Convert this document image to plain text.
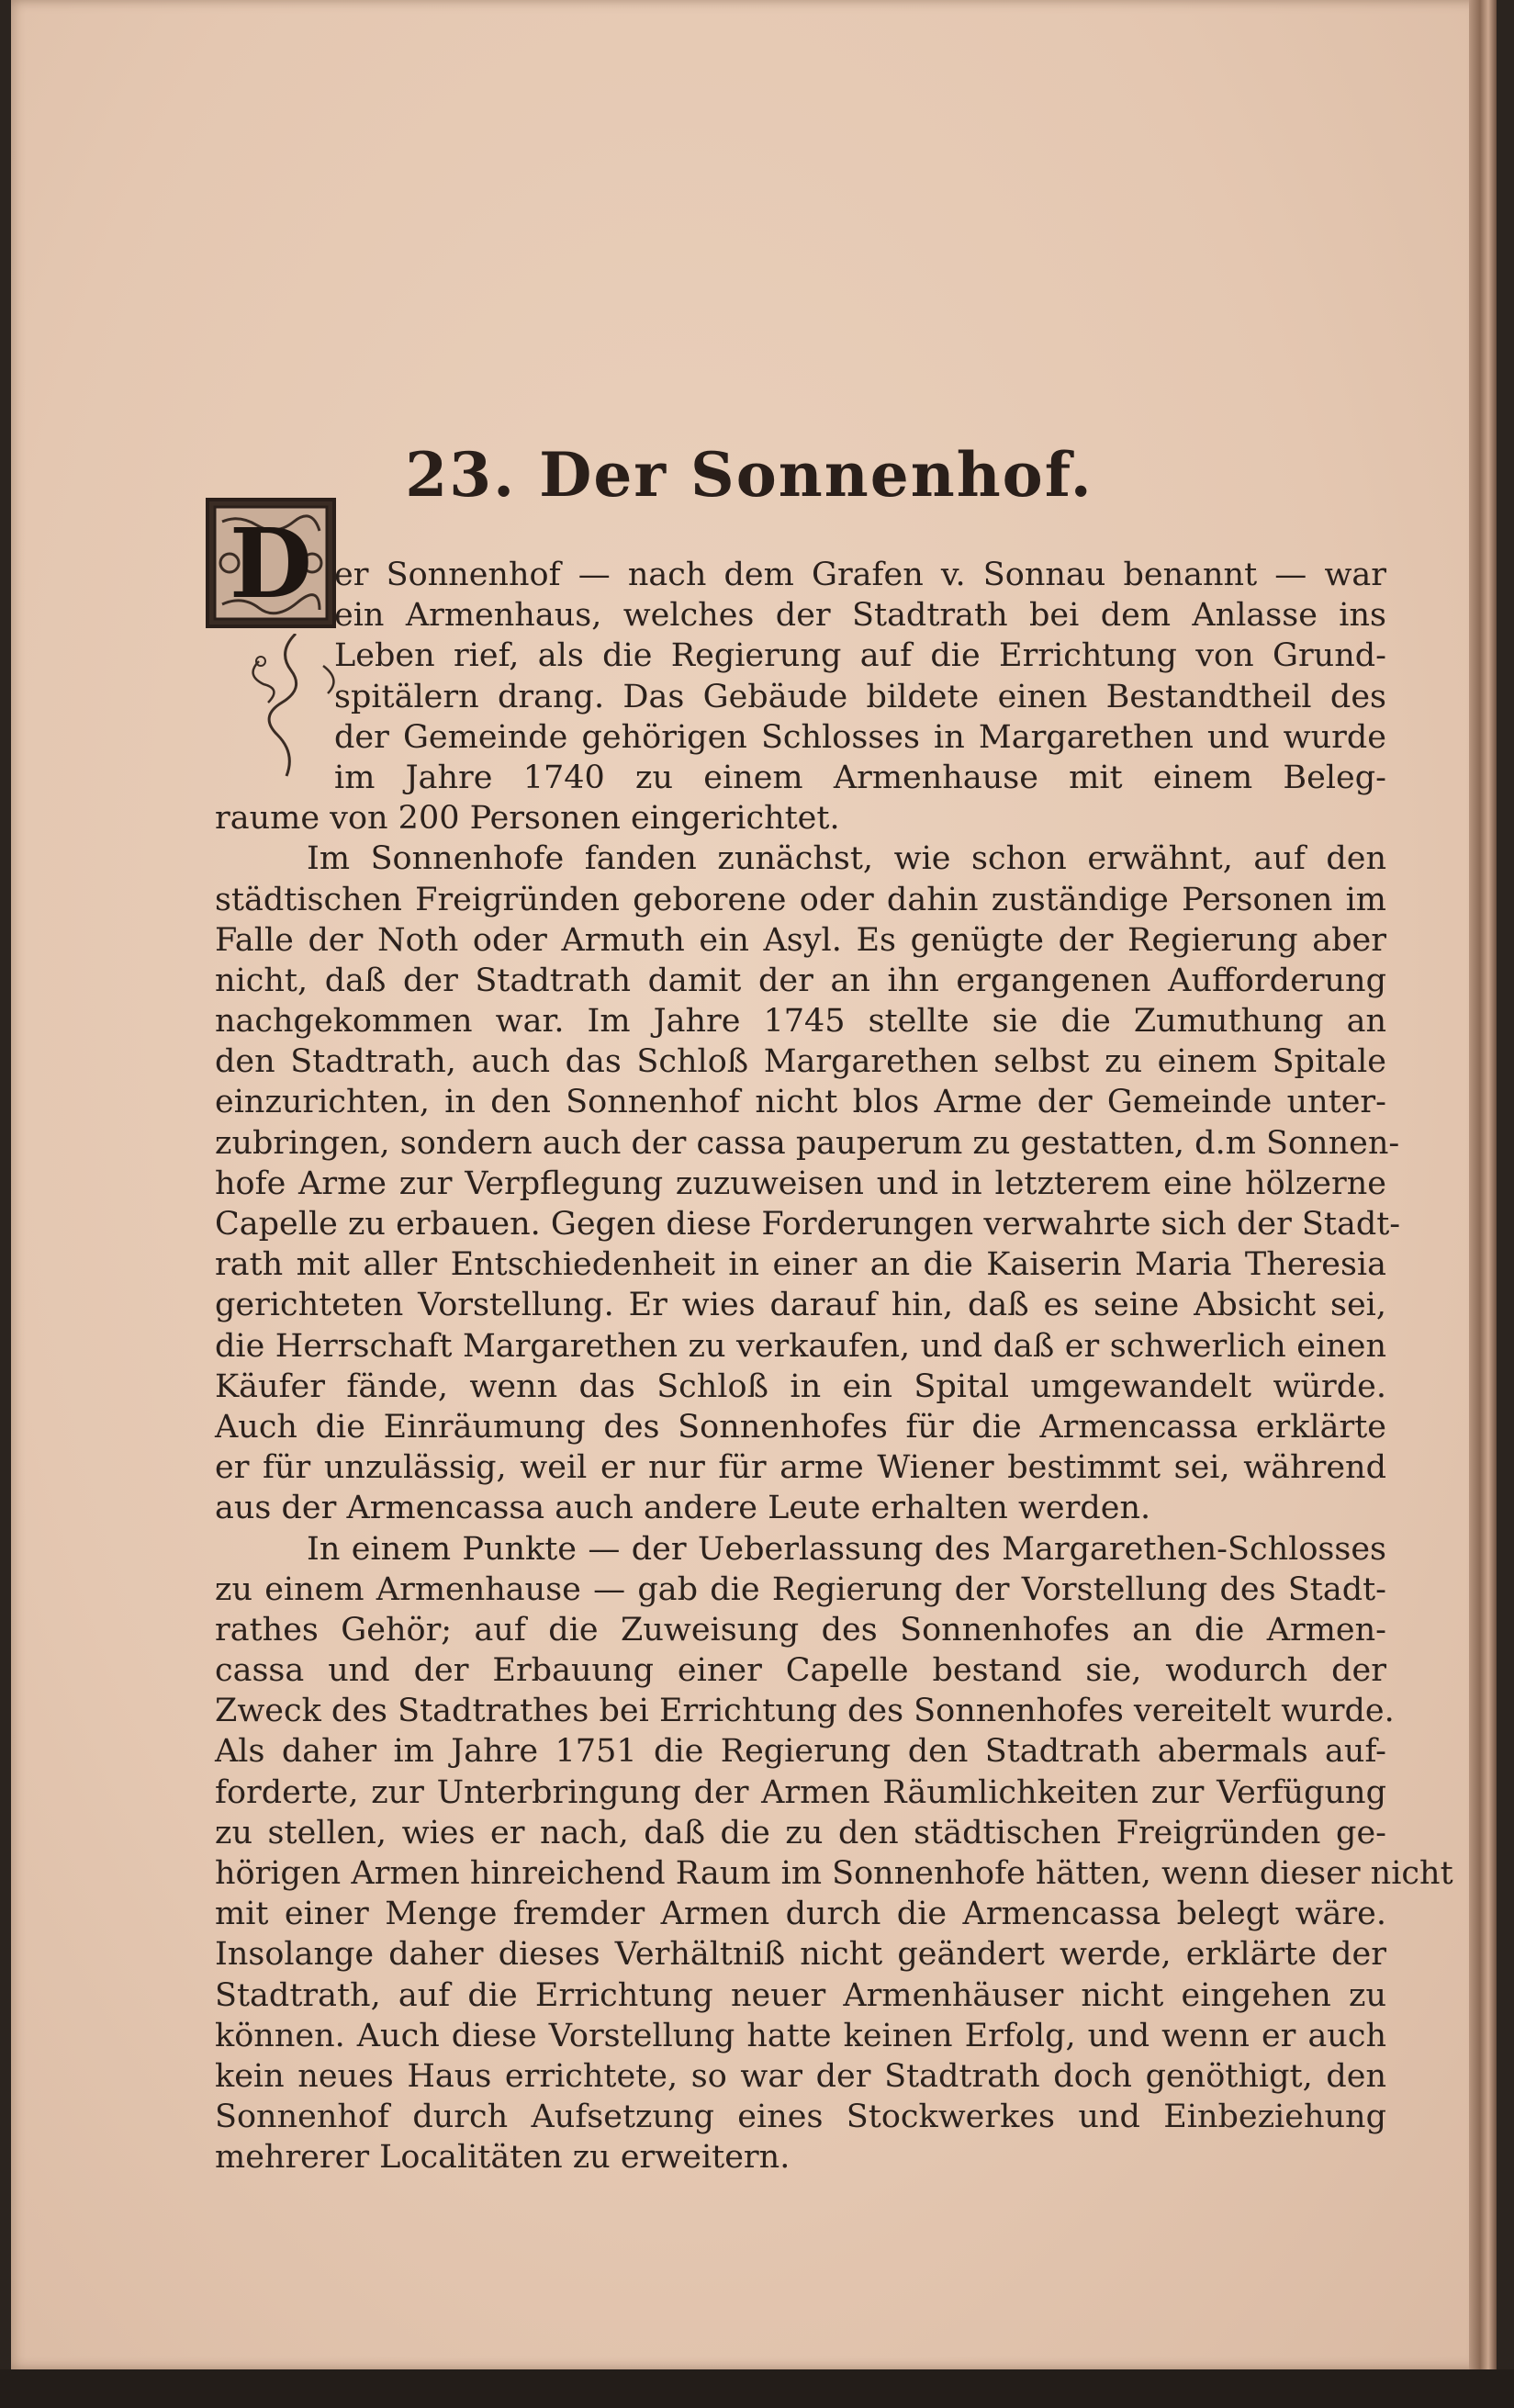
23. Der Sonnenhof.
D er Sonnenhof — nach dem Grafen v. Sonnau benannt — war
ein Armenhaus, welches der Stadtrath bei dem Anlasse ins
Leben rief, als die Regierung auf die Errichtung von Grund-
spitälern drang. Das Gebäude bildete einen Bestandtheil des
der Gemeinde gehörigen Schlosses in Margarethen und wurde
im Jahre 1740 zu einem Armenhause mit einem Beleg-
raume von 200 Personen eingerichtet.
Im Sonnenhofe fanden zunächst, wie schon erwähnt, auf den
städtischen Freigründen geborene oder dahin zuständige Personen im
Falle der Noth oder Armuth ein Asyl. Es genügte der Regierung aber
nicht, daß der Stadtrath damit der an ihn ergangenen Aufforderung
nachgekommen war. Im Jahre 1745 stellte sie die Zumuthung an
den Stadtrath, auch das Schloß Margarethen selbst zu einem Spitale
einzurichten, in den Sonnenhof nicht blos Arme der Gemeinde unter-
zubringen, sondern auch der cassa pauperum zu gestatten, d.m Sonnen-
hofe Arme zur Verpflegung zuzuweisen und in letzterem eine hölzerne
Capelle zu erbauen. Gegen diese Forderungen verwahrte sich der Stadt-
rath mit aller Entschiedenheit in einer an die Kaiserin Maria Theresia
gerichteten Vorstellung. Er wies darauf hin, daß es seine Absicht sei,
die Herrschaft Margarethen zu verkaufen, und daß er schwerlich einen
Käufer fände, wenn das Schloß in ein Spital umgewandelt würde.
Auch die Einräumung des Sonnenhofes für die Armencassa erklärte
er für unzulässig, weil er nur für arme Wiener bestimmt sei, während
aus der Armencassa auch andere Leute erhalten werden.
In einem Punkte — der Ueberlassung des Margarethen-Schlosses
zu einem Armenhause — gab die Regierung der Vorstellung des Stadt-
rathes Gehör; auf die Zuweisung des Sonnenhofes an die Armen-
cassa und der Erbauung einer Capelle bestand sie, wodurch der
Zweck des Stadtrathes bei Errichtung des Sonnenhofes vereitelt wurde.
Als daher im Jahre 1751 die Regierung den Stadtrath abermals auf-
forderte, zur Unterbringung der Armen Räumlichkeiten zur Verfügung
zu stellen, wies er nach, daß die zu den städtischen Freigründen ge-
hörigen Armen hinreichend Raum im Sonnenhofe hätten, wenn dieser nicht
mit einer Menge fremder Armen durch die Armencassa belegt wäre.
Insolange daher dieses Verhältniß nicht geändert werde, erklärte der
Stadtrath, auf die Errichtung neuer Armenhäuser nicht eingehen zu
können. Auch diese Vorstellung hatte keinen Erfolg, und wenn er auch
kein neues Haus errichtete, so war der Stadtrath doch genöthigt, den
Sonnenhof durch Aufsetzung eines Stockwerkes und Einbeziehung
mehrerer Localitäten zu erweitern.
